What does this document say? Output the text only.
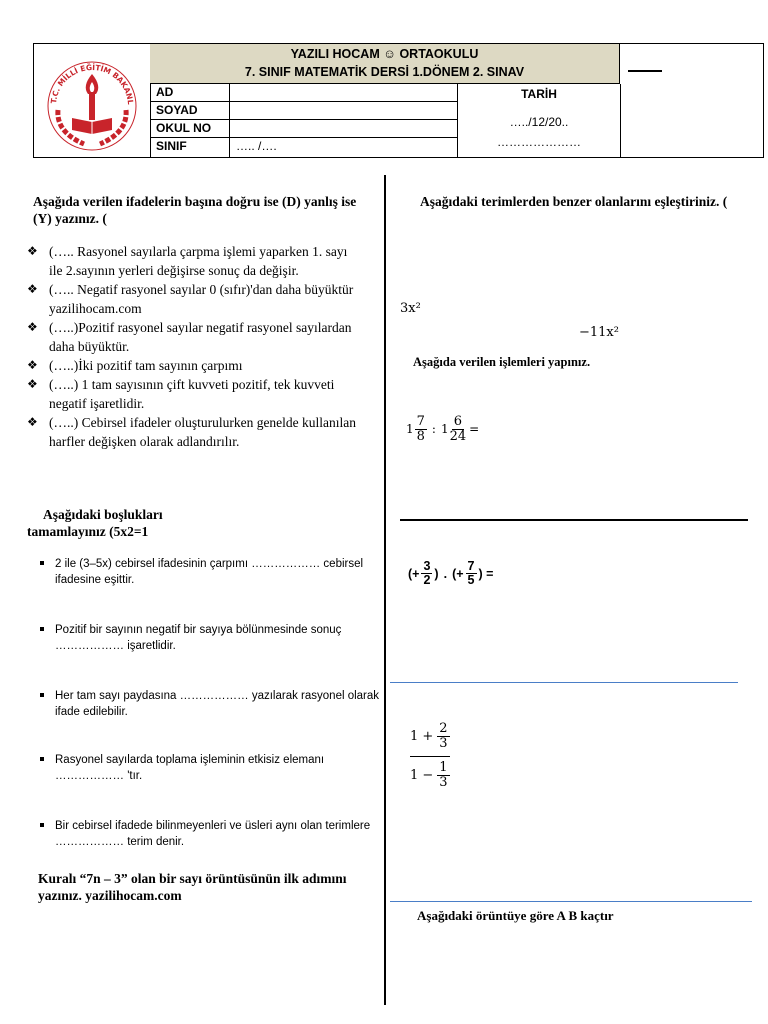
T.C. MİLLİ EĞİTİM BAKANL
YAZILI HOCAM ☺ ORTAOKULU
7. SINIF MATEMATİK DERSİ 1.DÖNEM 2. SINAV
AD
SOYAD
OKUL NO
SINIF	….. /….
TARİH
…../12/20..
…………………
Aşağıda verilen ifadelerin başına doğru ise (D) yanlış ise (Y) yazınız. (
❖ (….. Rasyonel sayılarla çarpma işlemi yaparken 1. sayı ile 2.sayının yerleri değişirse sonuç da değişir.
❖ (….. Negatif rasyonel sayılar 0 (sıfır)'dan daha büyüktür yazilihocam.com
❖ (…..)Pozitif rasyonel sayılar negatif rasyonel sayılardan daha büyüktür.
❖ (…..)İki pozitif tam sayının çarpımı
❖ (…..) 1 tam sayısının çift kuvveti pozitif, tek kuvveti negatif işaretlidir.
❖ (…..) Cebirsel ifadeler oluşturulurken genelde kullanılan harfler değişken olarak adlandırılır.
Aşağıdaki boşlukları
tamamlayınız (5x2=1
2 ile (3–5x) cebirsel ifadesinin çarpımı ……………… cebirsel ifadesine eşittir.
Pozitif bir sayının negatif bir sayıya bölünmesinde sonuç ……………… işaretlidir.
Her tam sayı paydasına ……………… yazılarak rasyonel olarak ifade edilebilir.
Rasyonel sayılarda toplama işleminin etkisiz elemanı ……………… 'tır.
Bir cebirsel ifadede bilinmeyenleri ve üsleri aynı olan terimlere ……………… terim denir.
Kuralı “7n – 3” olan bir sayı örüntüsünün ilk adımını yazınız. yazilihocam.com
Aşağıdaki terimlerden benzer olanlarını eşleştiriniz. (
3x²
−11x²
Aşağıda verilen işlemleri yapınız.
$1 \frac{7}{8}$ : $1 \frac{6}{24}$ =
(+ $\frac{3}{2}$ ) . (+ $\frac{7}{5}$ ) =
$\frac{1 + \frac{2}{3}}{1 - \frac{1}{3}}$
Aşağıdaki örüntüye göre A B kaçtır
